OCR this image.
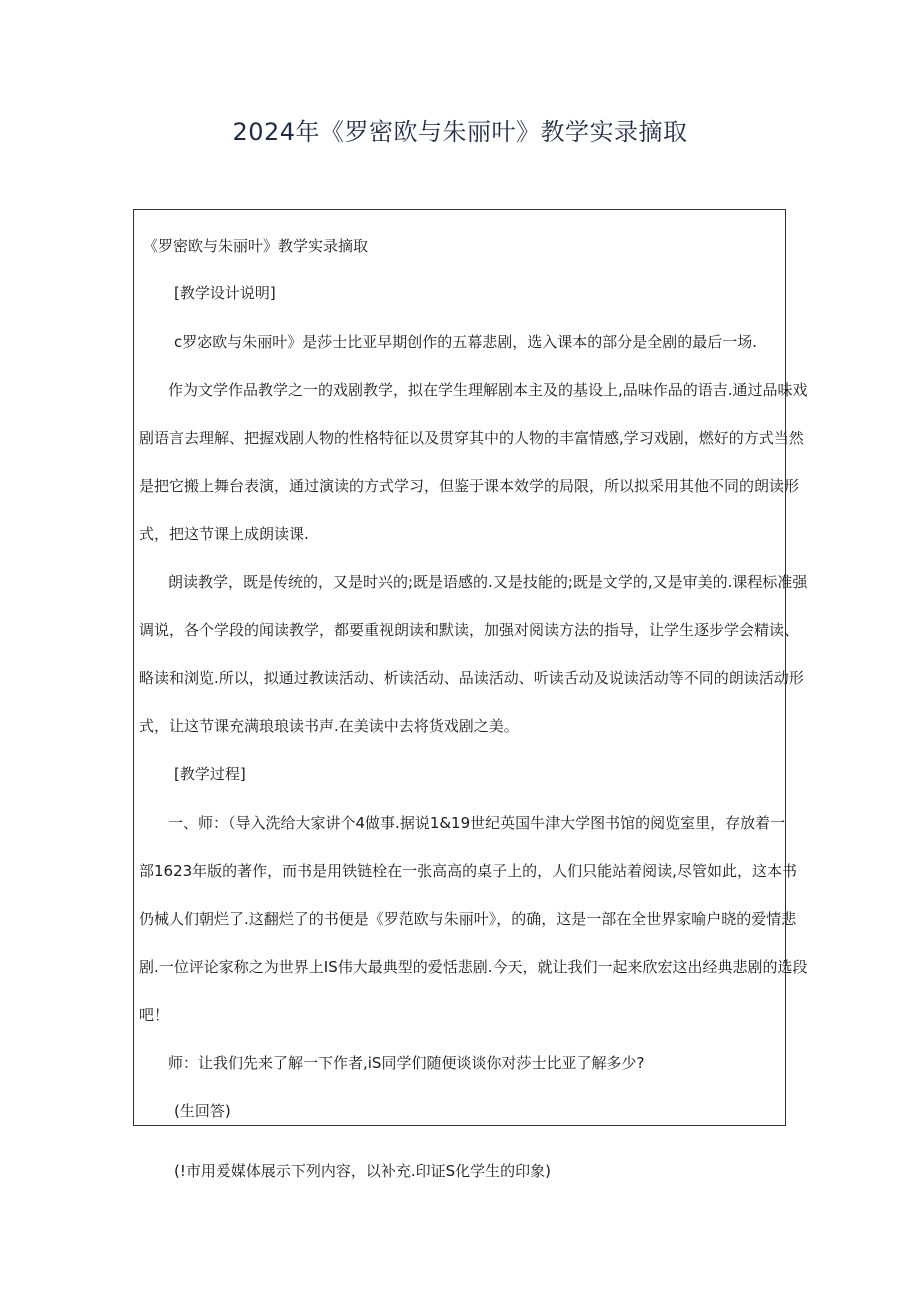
2024年《罗密欧与朱丽叶》教学实录摘取
《罗密欧与朱丽叶》教学实录摘取
[教学设计说明]
c罗宓欧与朱丽叶》是莎士比亚早期创作的五幕悲剧，选入课本的部分是全剧的最后一场.
作为文学作品教学之一的戏剧教学，拟在学生理解剧本主及的基设上,品味作品的语吉.通过品味戏
剧语言去理解、把握戏剧人物的性格特征以及贯穿其中的人物的丰富情感,学习戏剧，燃好的方式当然
是把它搬上舞台表演，通过演读的方式学习，但鉴于课本效学的局限，所以拟采用其他不同的朗读形
式，把这节课上成朗读课.
朗读教学，既是传统的，又是时兴的;既是语感的.又是技能的;既是文学的,又是审美的.课程标准强
调说，各个学段的闻读教学，都要重视朗读和默读，加强对阅读方法的指导，让学生逐步学会精读、
略读和浏览.所以，拟通过教读活动、析读活动、品读活动、听读舌动及说读活动等不同的朗读活动形
式，让这节课充满琅琅读书声.在美读中去将货戏剧之美。
[教学过程]
一、师：（导入洗给大家讲个4做事.据说1&19世纪英国牛津大学图书馆的阅览室里，存放着一
部1623年版的著作，而书是用铁链栓在一张高高的桌子上的，人们只能站着阅读,尽管如此，这本书
仍械人们朝烂了.这翻烂了的书便是《罗范欧与朱丽叶》，的确，这是一部在全世界家喻户晓的爱情悲
剧.一位评论家称之为世界上IS伟大最典型的爱恬悲剧.今天，就让我们一起来欣宏这出经典悲剧的选段
吧！
师：让我们先来了解一下作者,iS同学们随便谈谈你对莎士比亚了解多少?
(生回答)
(!市用爰媒体展示下列内容，以补充.印证S化学生的印象)
